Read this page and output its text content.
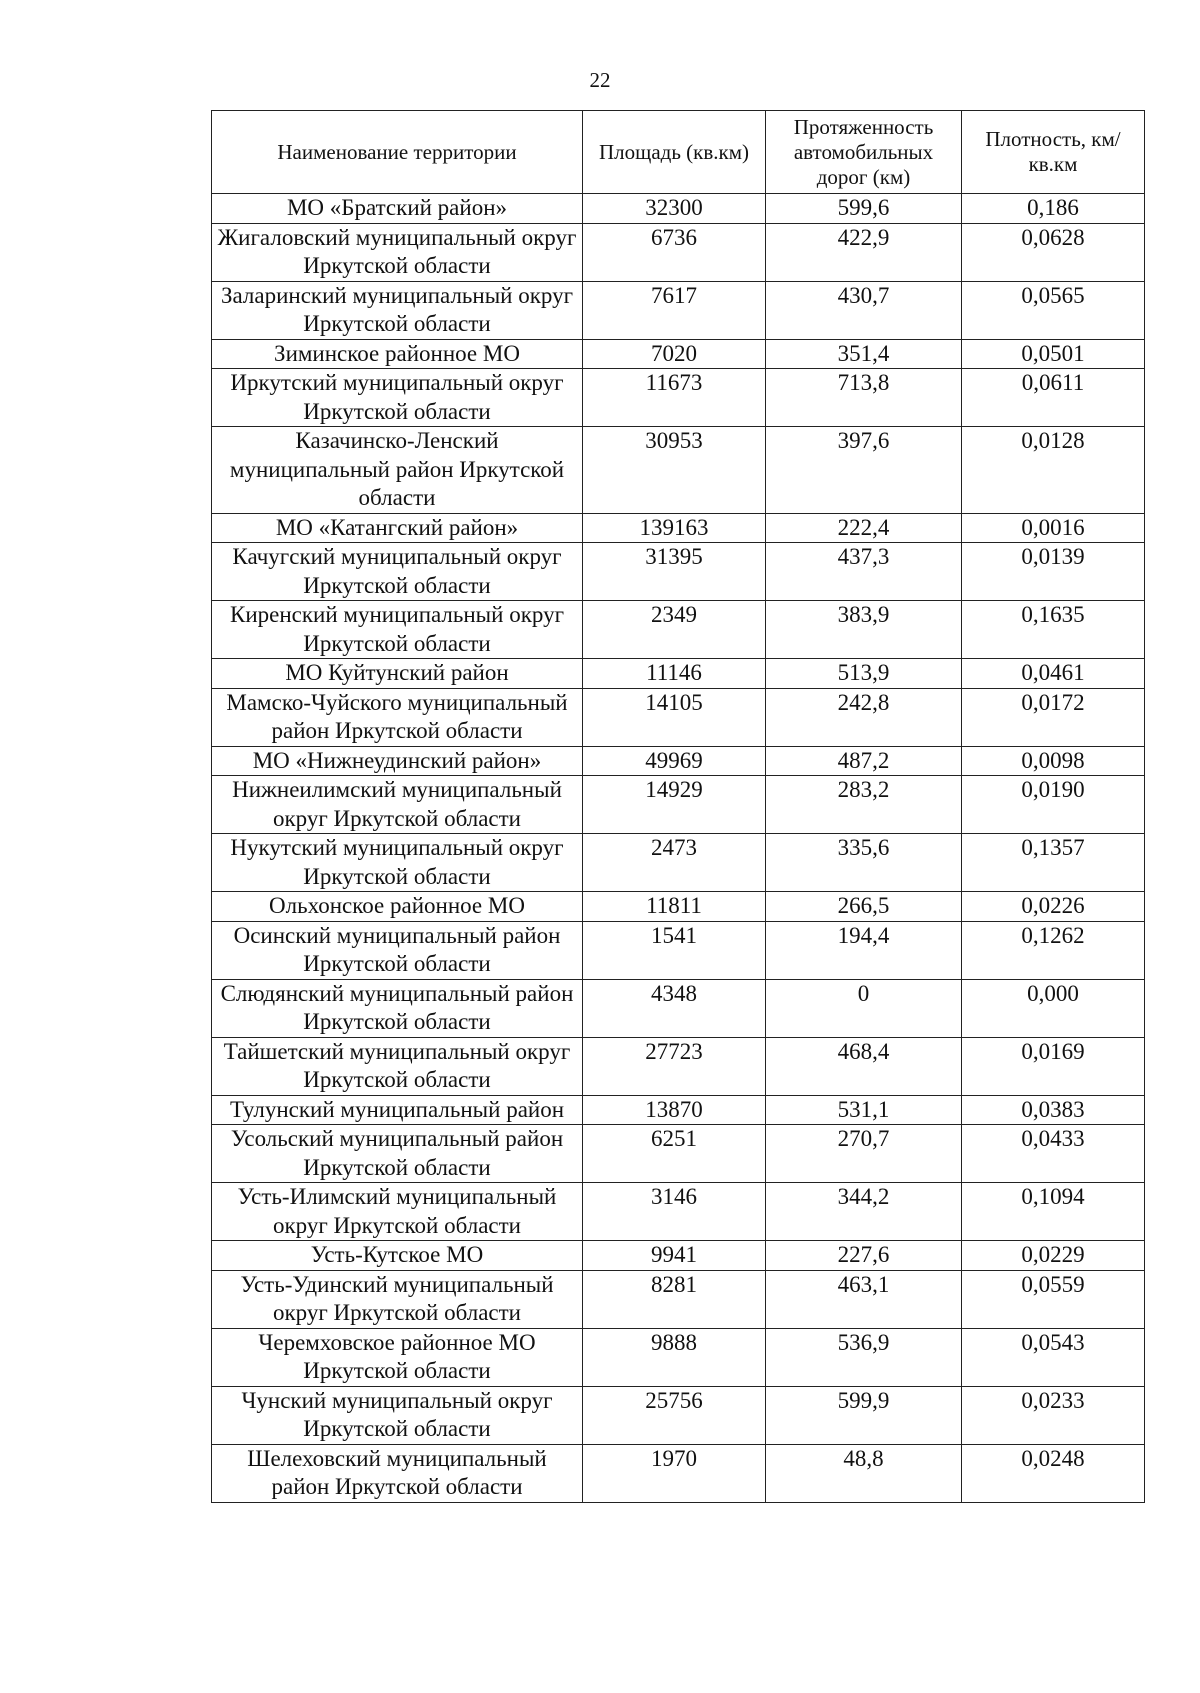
22
Наименование территории	Площадь (кв.км)	Протяженность автомобильных дорог (км)	Плотность, км/кв.км
МО «Братский район»	32300	599,6	0,186
Жигаловский муниципальный округ Иркутской области	6736	422,9	0,0628
Заларинский муниципальный округ Иркутской области	7617	430,7	0,0565
Зиминское районное МО	7020	351,4	0,0501
Иркутский муниципальный округ Иркутской области	11673	713,8	0,0611
Казачинско-Ленский муниципальный район Иркутской области	30953	397,6	0,0128
МО «Катангский район»	139163	222,4	0,0016
Качугский муниципальный округ Иркутской области	31395	437,3	0,0139
Киренский муниципальный округ Иркутской области	2349	383,9	0,1635
МО Куйтунский район	11146	513,9	0,0461
Мамско-Чуйского муниципальный район Иркутской области	14105	242,8	0,0172
МО «Нижнеудинский район»	49969	487,2	0,0098
Нижнеилимский муниципальный округ Иркутской области	14929	283,2	0,0190
Нукутский муниципальный округ Иркутской области	2473	335,6	0,1357
Ольхонское районное МО	11811	266,5	0,0226
Осинский муниципальный район Иркутской области	1541	194,4	0,1262
Слюдянский муниципальный район Иркутской области	4348	0	0,000
Тайшетский муниципальный округ Иркутской области	27723	468,4	0,0169
Тулунский муниципальный район	13870	531,1	0,0383
Усольский муниципальный район Иркутской области	6251	270,7	0,0433
Усть-Илимский муниципальный округ Иркутской области	3146	344,2	0,1094
Усть-Кутское МО	9941	227,6	0,0229
Усть-Удинский муниципальный округ Иркутской области	8281	463,1	0,0559
Черемховское районное МО Иркутской области	9888	536,9	0,0543
Чунский муниципальный округ Иркутской области	25756	599,9	0,0233
Шелеховский муниципальный район Иркутской области	1970	48,8	0,0248
